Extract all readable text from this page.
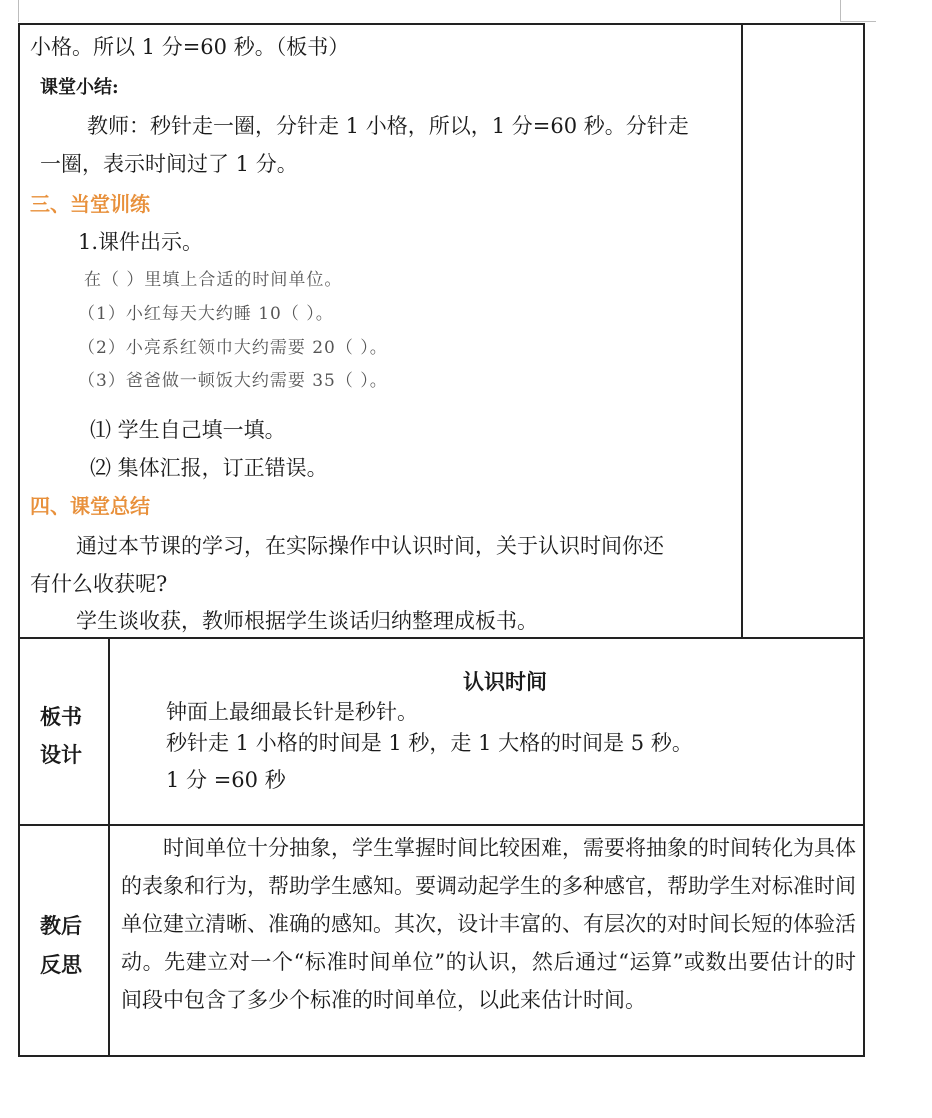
小格。所以 1 分=60 秒。（板书）
课堂小结:
教师：秒针走一圈，分针走 1 小格，所以，1 分=60 秒。分针走
一圈，表示时间过了 1 分。
三、当堂训练
1.课件出示。
在（ ）里填上合适的时间单位。
（1）小红每天大约睡 10（ ）。
（2）小亮系红领巾大约需要 20（ ）。
（3）爸爸做一顿饭大约需要 35（ ）。
⑴ 学生自己填一填。
⑵ 集体汇报，订正错误。
四、课堂总结
通过本节课的学习，在实际操作中认识时间，关于认识时间你还
有什么收获呢?
学生谈收获，教师根据学生谈话归纳整理成板书。
板书
设计
认识时间
钟面上最细最长针是秒针。
秒针走 1 小格的时间是 1 秒，走 1 大格的时间是 5 秒。
1 分 =60 秒
教后
反思
时间单位十分抽象，学生掌握时间比较困难，需要将抽象的时间转化为具体的表象和行为，帮助学生感知。要调动起学生的多种感官，帮助学生对标准时间单位建立清晰、准确的感知。其次，设计丰富的、有层次的对时间长短的体验活动。先建立对一个“标准时间单位”的认识，然后通过“运算”或数出要估计的时间段中包含了多少个标准的时间单位，以此来估计时间。
